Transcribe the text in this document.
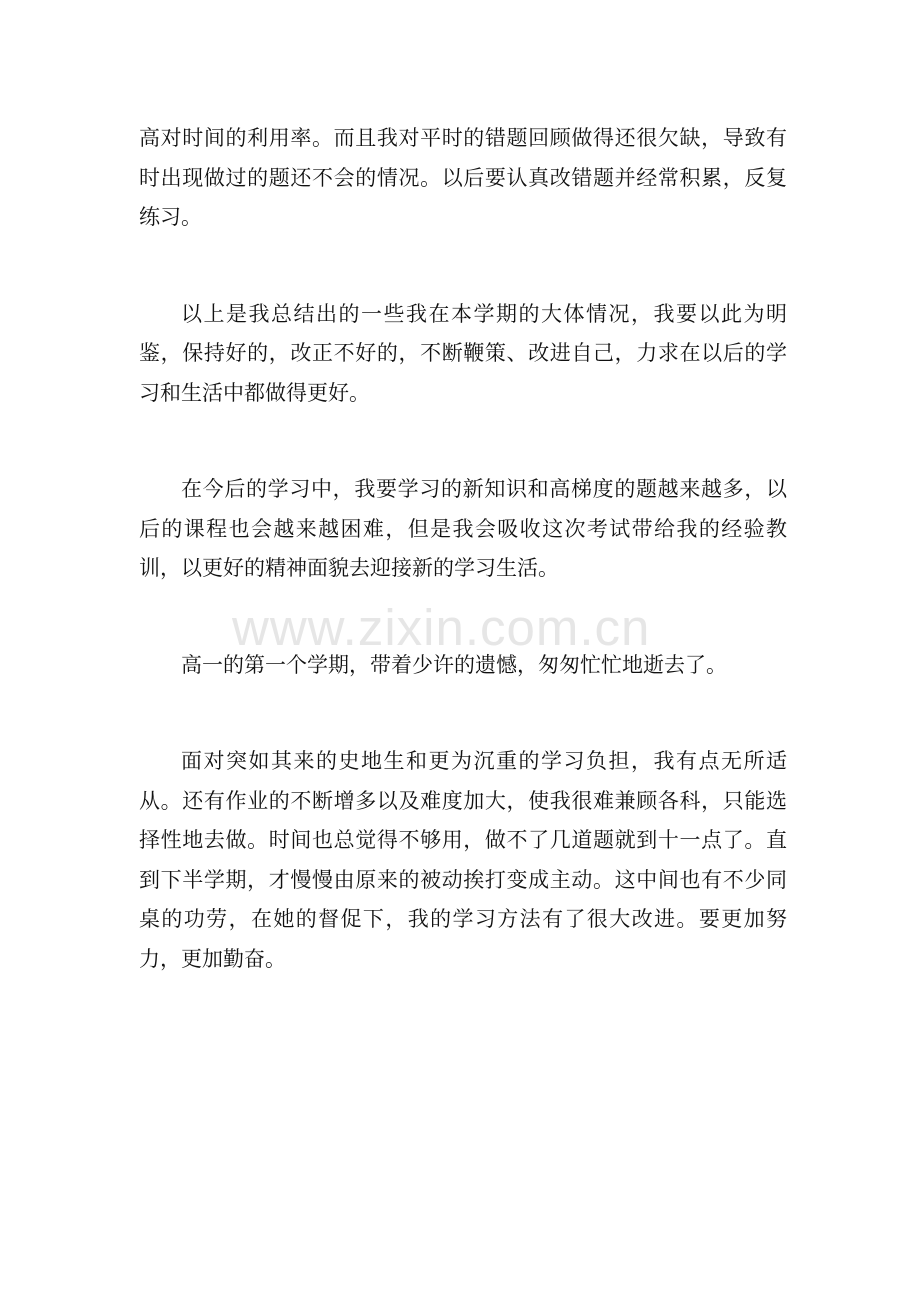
www.zixin.com.cn

高对时间的利用率。而且我对平时的错题回顾做得还很欠缺，导致有时出现做过的题还不会的情况。以后要认真改错题并经常积累，反复练习。

以上是我总结出的一些我在本学期的大体情况，我要以此为明鉴，保持好的，改正不好的，不断鞭策、改进自己，力求在以后的学习和生活中都做得更好。

在今后的学习中，我要学习的新知识和高梯度的题越来越多，以后的课程也会越来越困难，但是我会吸收这次考试带给我的经验教训，以更好的精神面貌去迎接新的学习生活。

高一的第一个学期，带着少许的遗憾，匆匆忙忙地逝去了。

面对突如其来的史地生和更为沉重的学习负担，我有点无所适从。还有作业的不断增多以及难度加大，使我很难兼顾各科，只能选择性地去做。时间也总觉得不够用，做不了几道题就到十一点了。直到下半学期，才慢慢由原来的被动挨打变成主动。这中间也有不少同桌的功劳，在她的督促下，我的学习方法有了很大改进。要更加努力，更加勤奋。
